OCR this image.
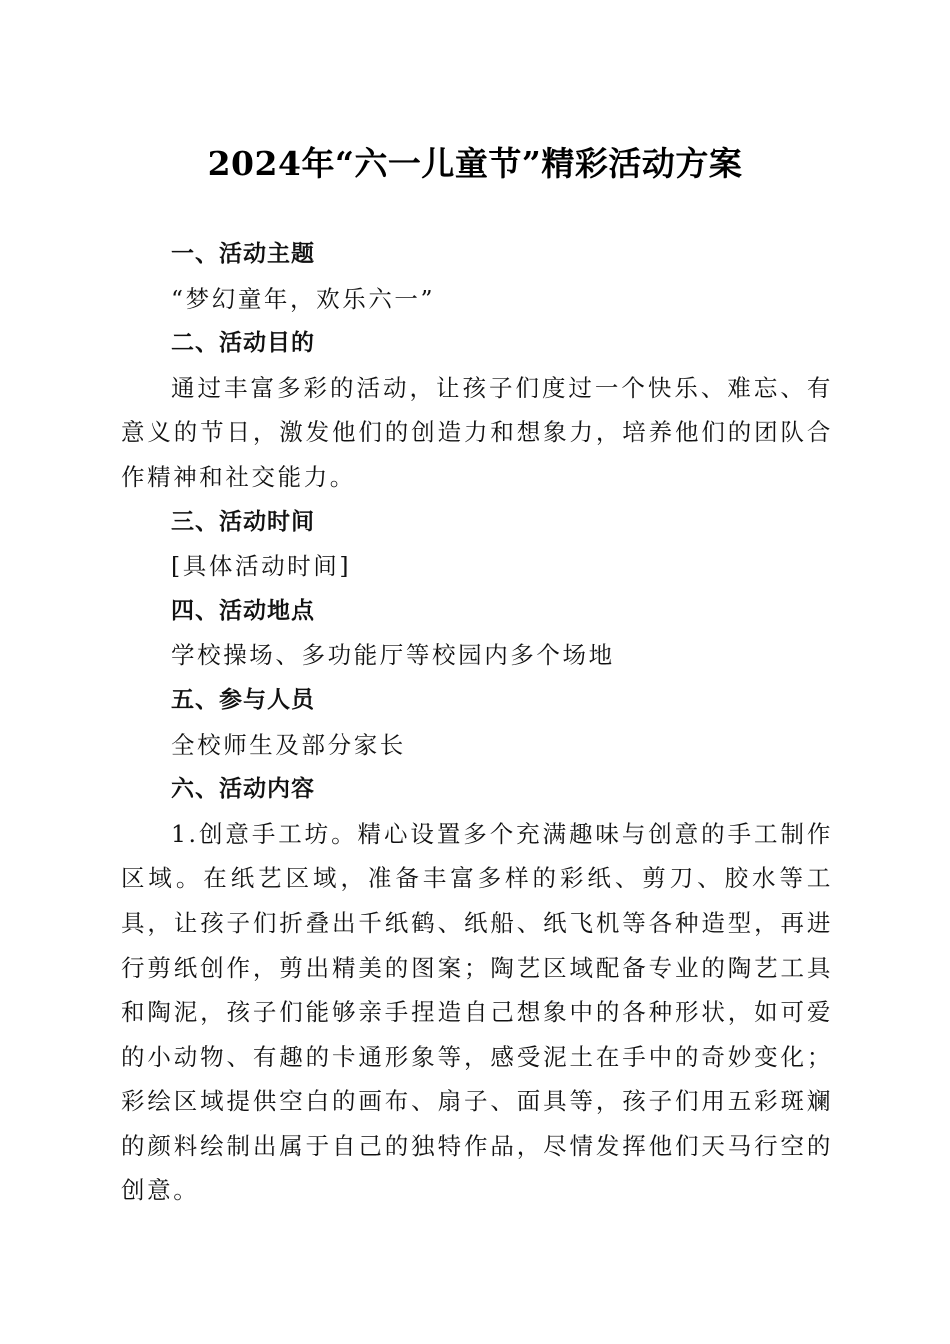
2024年“六一儿童节”精彩活动方案
一、活动主题
“梦幻童年，欢乐六一”
二、活动目的

通过丰富多彩的活动，让孩子们度过一个快乐、难忘、有意义的节日，激发他们的创造力和想象力，培养他们的团队合作精神和社交能力。

三、活动时间
[具体活动时间]
四、活动地点
学校操场、多功能厅等校园内多个场地
五、参与人员
全校师生及部分家长
六、活动内容

1.创意手工坊。精心设置多个充满趣味与创意的手工制作区域。在纸艺区域，准备丰富多样的彩纸、剪刀、胶水等工具，让孩子们折叠出千纸鹤、纸船、纸飞机等各种造型，再进行剪纸创作，剪出精美的图案；陶艺区域配备专业的陶艺工具和陶泥，孩子们能够亲手捏造自己想象中的各种形状，如可爱的小动物、有趣的卡通形象等，感受泥土在手中的奇妙变化；彩绘区域提供空白的画布、扇子、面具等，孩子们用五彩斑斓的颜料绘制出属于自己的独特作品，尽情发挥他们天马行空的创意。
